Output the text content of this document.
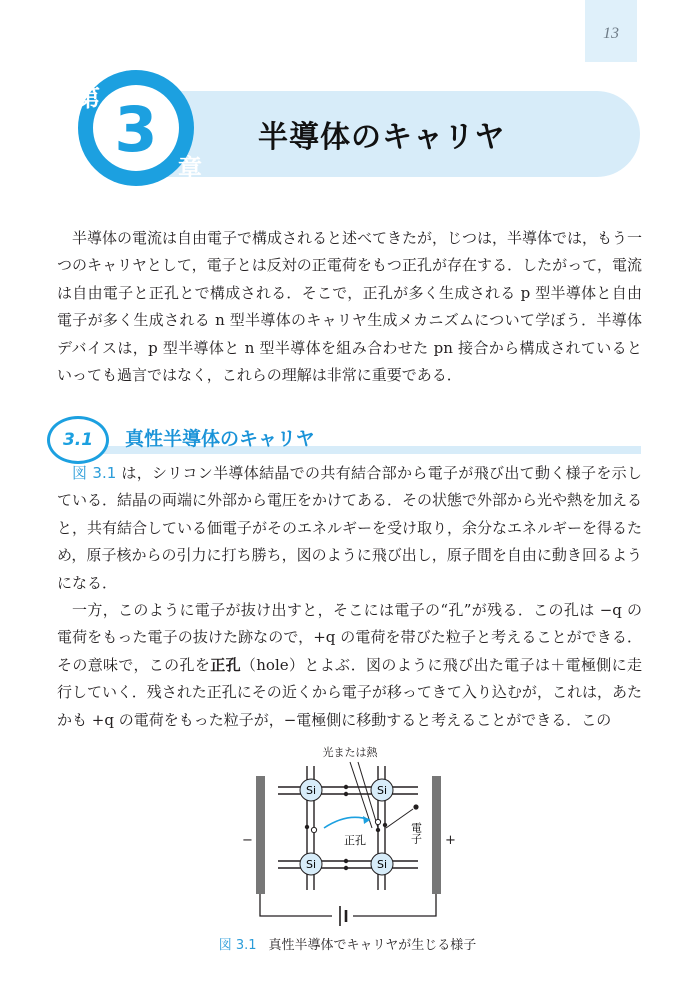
13
3
第
章
半導体のキャリヤ

半導体の電流は自由電子で構成されると述べてきたが，じつは，半導体では，もう一つのキャリヤとして，電子とは反対の正電荷をもつ正孔が存在する．したがって，電流は自由電子と正孔とで構成される．そこで，正孔が多く生成される p 型半導体と自由電子が多く生成される n 型半導体のキャリヤ生成メカニズムについて学ぼう．半導体デバイスは，p 型半導体と n 型半導体を組み合わせた pn 接合から構成されているといっても過言ではなく，これらの理解は非常に重要である．

3.1	真性半導体のキャリヤ

図 3.1 は，シリコン半導体結晶での共有結合部から電子が飛び出て動く様子を示している．結晶の両端に外部から電圧をかけてある．その状態で外部から光や熱を加えると，共有結合している価電子がそのエネルギーを受け取り，余分なエネルギーを得るため，原子核からの引力に打ち勝ち，図のように飛び出し，原子間を自由に動き回るようになる．

一方，このように電子が抜け出すと，そこには電子の“孔”が残る．この孔は −q の電荷をもった電子の抜けた跡なので，+q の電荷を帯びた粒子と考えることができる．その意味で，この孔を正孔（hole）とよぶ．図のように飛び出た電子は＋電極側に走行していく．残された正孔にその近くから電子が移ってきて入り込むが，これは，あたかも +q の電荷をもった粒子が，−電極側に移動すると考えることができる．この

光または熱
−	+
Si	Si
Si	Si
電子
正孔
図 3.1 真性半導体でキャリヤが生じる様子
